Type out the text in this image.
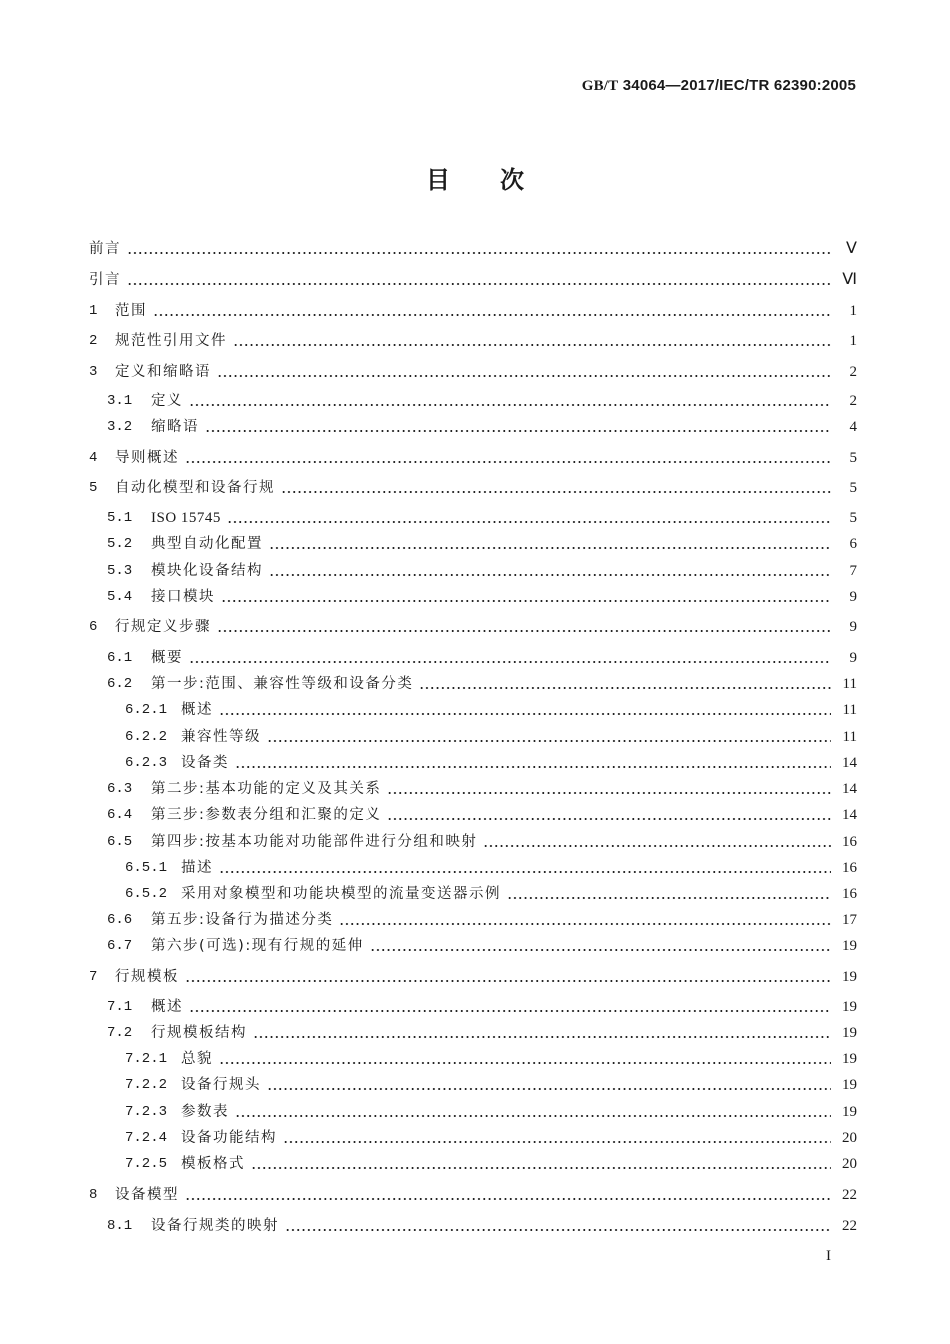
GB/T 34064—2017/IEC/TR 62390:2005
目次
前言	Ⅴ
引言	Ⅵ
1	范围	1
2	规范性引用文件	1
3	定义和缩略语	2
3.1	定义	2
3.2	缩略语	4
4	导则概述	5
5	自动化模型和设备行规	5
5.1	ISO 15745	5
5.2	典型自动化配置	6
5.3	模块化设备结构	7
5.4	接口模块	9
6	行规定义步骤	9
6.1	概要	9
6.2	第一步:范围、兼容性等级和设备分类	11
6.2.1 概述	11
6.2.2 兼容性等级	11
6.2.3 设备类	14
6.3	第二步:基本功能的定义及其关系	14
6.4	第三步:参数表分组和汇聚的定义	14
6.5	第四步:按基本功能对功能部件进行分组和映射	16
6.5.1 描述	16
6.5.2 采用对象模型和功能块模型的流量变送器示例	16
6.6	第五步:设备行为描述分类	17
6.7	第六步(可选):现有行规的延伸	19
7	行规模板	19
7.1	概述	19
7.2	行规模板结构	19
7.2.1 总貌	19
7.2.2 设备行规头	19
7.2.3 参数表	19
7.2.4 设备功能结构	20
7.2.5 模板格式	20
8	设备模型	22
8.1	设备行规类的映射	22
I
